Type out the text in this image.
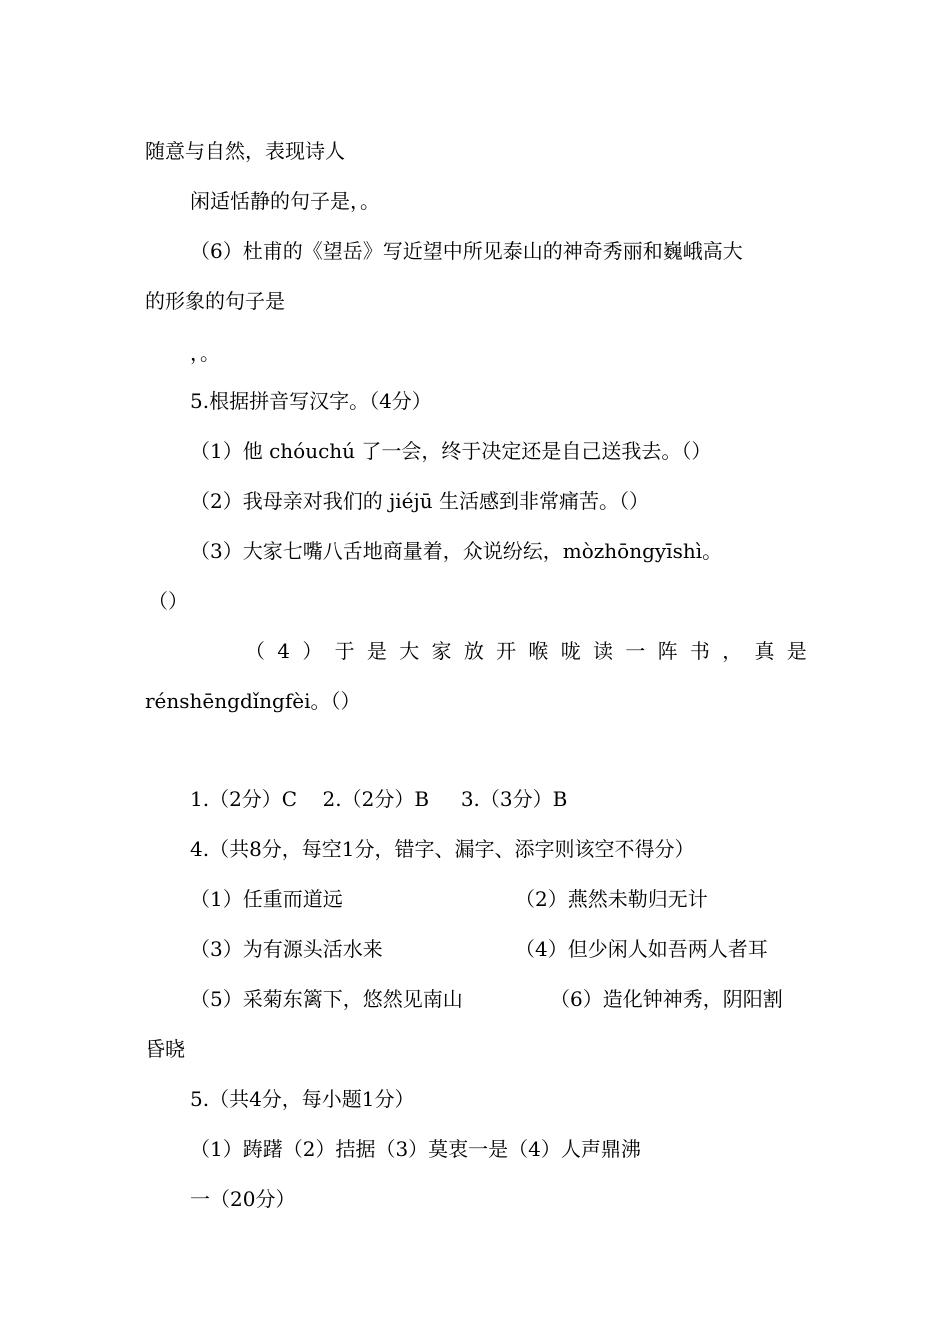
随意与自然，表现诗人
闲适恬静的句子是，。
（6）杜甫的《望岳》写近望中所见泰山的神奇秀丽和巍峨高大
的形象的句子是
，。
5.根据拼音写汉字。（4分）
（1）他 chóuchú 了一会，终于决定还是自己送我去。（）
（2）我母亲对我们的 jiéjū 生活感到非常痛苦。（）
（3）大家七嘴八舌地商量着，众说纷纭，mòzhōngyīshì。
（）
（ 4 ） 于 是 大 家 放 开 喉 咙 读 一 阵 书 ， 真 是
rénshēngdǐngfèi。（）
1.（2分）C    2.（2分）B     3.（3分）B
4.（共8分，每空1分，错字、漏字、添字则该空不得分）
（1）任重而道远	（2）燕然未勒归无计
（3）为有源头活水来	（4）但少闲人如吾两人者耳
（5）采菊东篱下，悠然见南山	（6）造化钟神秀，阴阳割
昏晓
5.（共4分，每小题1分）
（1）踌躇（2）拮据（3）莫衷一是（4）人声鼎沸
一（20分）
